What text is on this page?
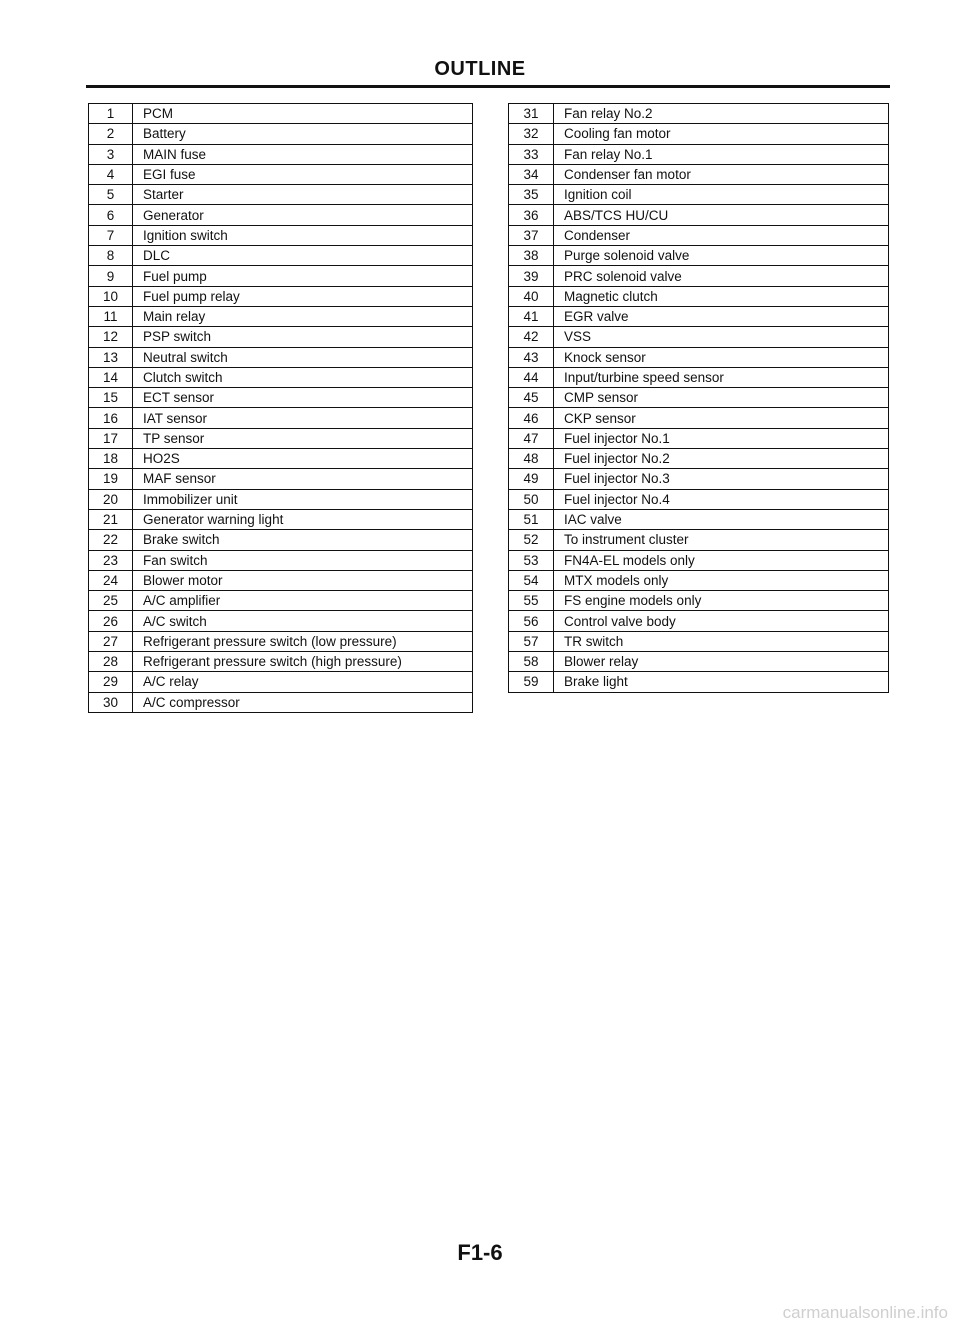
OUTLINE
1	PCM
2	Battery
3	MAIN fuse
4	EGI fuse
5	Starter
6	Generator
7	Ignition switch
8	DLC
9	Fuel pump
10	Fuel pump relay
11	Main relay
12	PSP switch
13	Neutral switch
14	Clutch switch
15	ECT sensor
16	IAT sensor
17	TP sensor
18	HO2S
19	MAF sensor
20	Immobilizer unit
21	Generator warning light
22	Brake switch
23	Fan switch
24	Blower motor
25	A/C amplifier
26	A/C switch
27	Refrigerant pressure switch (low pressure)
28	Refrigerant pressure switch (high pressure)
29	A/C relay
30	A/C compressor
31	Fan relay No.2
32	Cooling fan motor
33	Fan relay No.1
34	Condenser fan motor
35	Ignition coil
36	ABS/TCS HU/CU
37	Condenser
38	Purge solenoid valve
39	PRC solenoid valve
40	Magnetic clutch
41	EGR valve
42	VSS
43	Knock sensor
44	Input/turbine speed sensor
45	CMP sensor
46	CKP sensor
47	Fuel injector No.1
48	Fuel injector No.2
49	Fuel injector No.3
50	Fuel injector No.4
51	IAC valve
52	To instrument cluster
53	FN4A-EL models only
54	MTX models only
55	FS engine models only
56	Control valve body
57	TR switch
58	Blower relay
59	Brake light
F1-6
carmanualsonline.info
